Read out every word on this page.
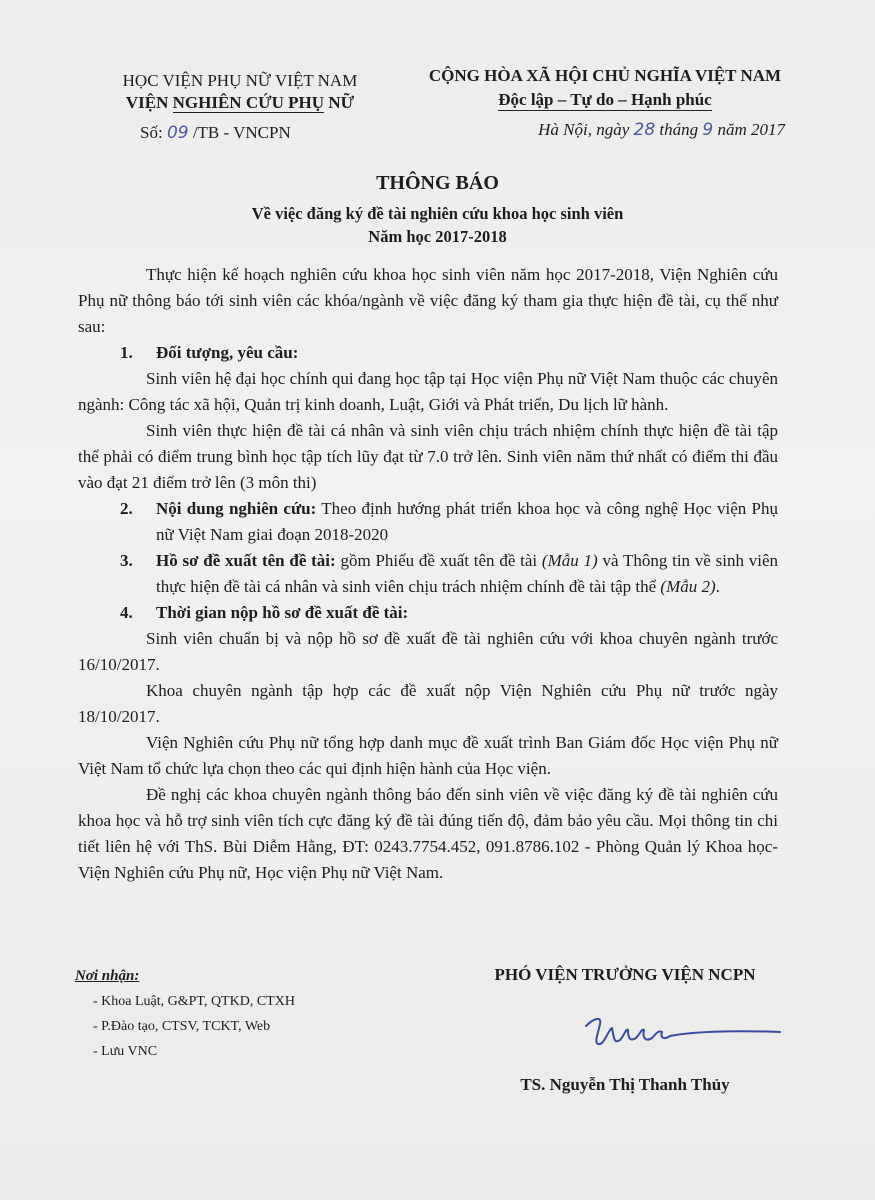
HỌC VIỆN PHỤ NỮ VIỆT NAM
VIỆN NGHIÊN CỨU PHỤ NỮ
Số: 09 /TB - VNCPN
CỘNG HÒA XÃ HỘI CHỦ NGHĨA VIỆT NAM
Độc lập – Tự do – Hạnh phúc
Hà Nội, ngày 28 tháng 9 năm 2017
THÔNG BÁO
Về việc đăng ký đề tài nghiên cứu khoa học sinh viên
Năm học 2017-2018

Thực hiện kế hoạch nghiên cứu khoa học sinh viên năm học 2017-2018, Viện Nghiên cứu Phụ nữ thông báo tới sinh viên các khóa/ngành về việc đăng ký tham gia thực hiện đề tài, cụ thể như sau:

1.	Đối tượng, yêu cầu:

Sinh viên hệ đại học chính qui đang học tập tại Học viện Phụ nữ Việt Nam thuộc các chuyên ngành: Công tác xã hội, Quản trị kinh doanh, Luật, Giới và Phát triển, Du lịch lữ hành.

Sinh viên thực hiện đề tài cá nhân và sinh viên chịu trách nhiệm chính thực hiện đề tài tập thể phải có điểm trung bình học tập tích lũy đạt từ 7.0 trở lên. Sinh viên năm thứ nhất có điểm thi đầu vào đạt 21 điểm trở lên (3 môn thi)

2.	Nội dung nghiên cứu: Theo định hướng phát triển khoa học và công nghệ Học viện Phụ nữ Việt Nam giai đoạn 2018-2020
3.	Hồ sơ đề xuất tên đề tài: gồm Phiếu đề xuất tên đề tài (Mẫu 1) và Thông tin về sinh viên thực hiện đề tài cá nhân và sinh viên chịu trách nhiệm chính đề tài tập thể (Mẫu 2).
4.	Thời gian nộp hồ sơ đề xuất đề tài:

Sinh viên chuẩn bị và nộp hồ sơ đề xuất đề tài nghiên cứu với khoa chuyên ngành trước 16/10/2017.

Khoa chuyên ngành tập hợp các đề xuất nộp Viện Nghiên cứu Phụ nữ trước ngày 18/10/2017.

Viện Nghiên cứu Phụ nữ tổng hợp danh mục đề xuất trình Ban Giám đốc Học viện Phụ nữ Việt Nam tổ chức lựa chọn theo các qui định hiện hành của Học viện.

Đề nghị các khoa chuyên ngành thông báo đến sinh viên về việc đăng ký đề tài nghiên cứu khoa học và hỗ trợ sinh viên tích cực đăng ký đề tài đúng tiến độ, đảm bảo yêu cầu. Mọi thông tin chi tiết liên hệ với ThS. Bùi Diễm Hằng, ĐT: 0243.7754.452, 091.8786.102 - Phòng Quản lý Khoa học- Viện Nghiên cứu Phụ nữ, Học viện Phụ nữ Việt Nam.

Nơi nhận:
- Khoa Luật, G&PT, QTKD, CTXH
- P.Đào tạo, CTSV, TCKT, Web
- Lưu VNC
PHÓ VIỆN TRƯỞNG VIỆN NCPN
TS. Nguyễn Thị Thanh Thủy
